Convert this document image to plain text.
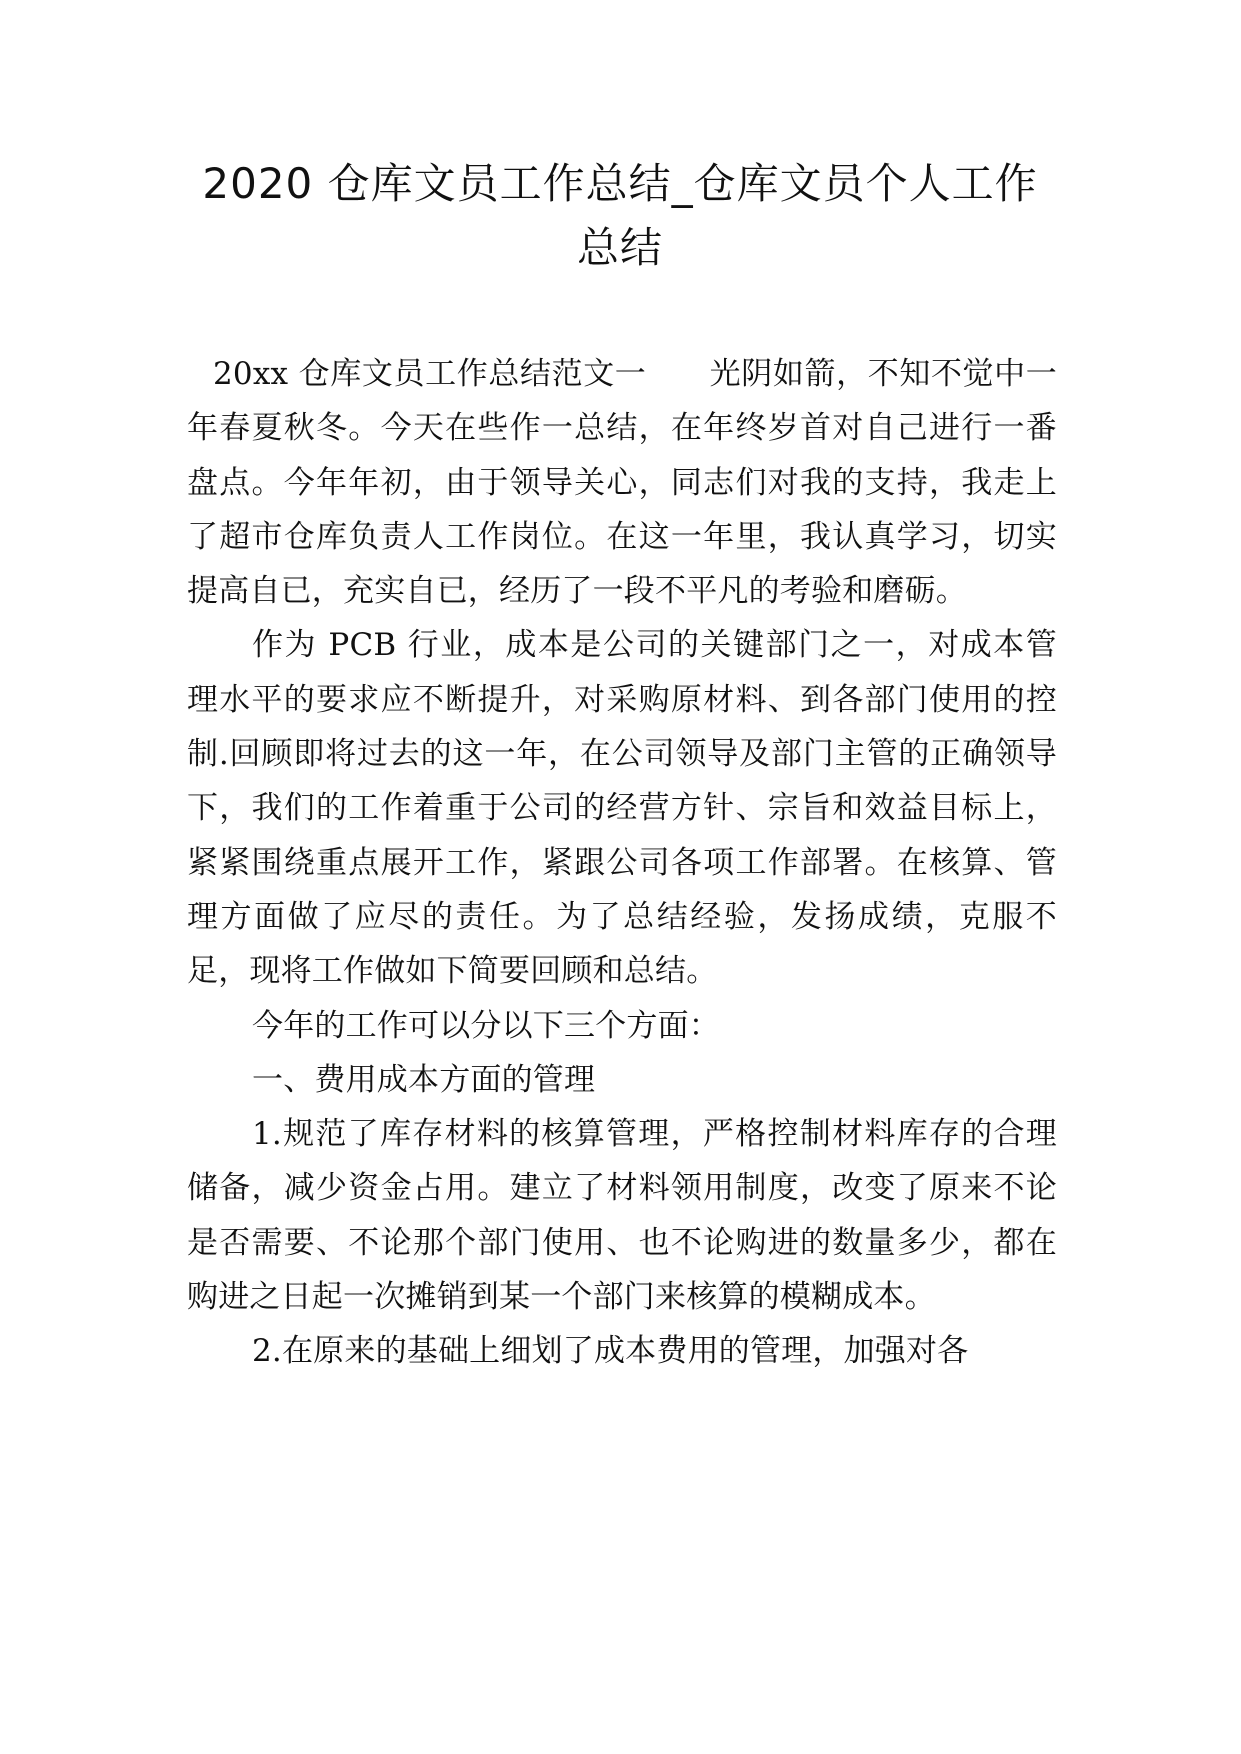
2020 仓库文员工作总结_仓库文员个人工作总结

20xx 仓库文员工作总结范文一　　光阴如箭，不知不觉中一年春夏秋冬。今天在些作一总结，在年终岁首对自己进行一番盘点。今年年初，由于领导关心，同志们对我的支持，我走上了超市仓库负责人工作岗位。在这一年里，我认真学习，切实提高自已，充实自已，经历了一段不平凡的考验和磨砺。

作为 PCB 行业，成本是公司的关键部门之一，对成本管理水平的要求应不断提升，对采购原材料、到各部门使用的控制.回顾即将过去的这一年，在公司领导及部门主管的正确领导下，我们的工作着重于公司的经营方针、宗旨和效益目标上，紧紧围绕重点展开工作，紧跟公司各项工作部署。在核算、管理方面做了应尽的责任。为了总结经验，发扬成绩，克服不足，现将工作做如下简要回顾和总结。

今年的工作可以分以下三个方面：

一、费用成本方面的管理

1.规范了库存材料的核算管理，严格控制材料库存的合理储备，减少资金占用。建立了材料领用制度，改变了原来不论是否需要、不论那个部门使用、也不论购进的数量多少，都在购进之日起一次摊销到某一个部门来核算的模糊成本。

2.在原来的基础上细划了成本费用的管理，加强对各
